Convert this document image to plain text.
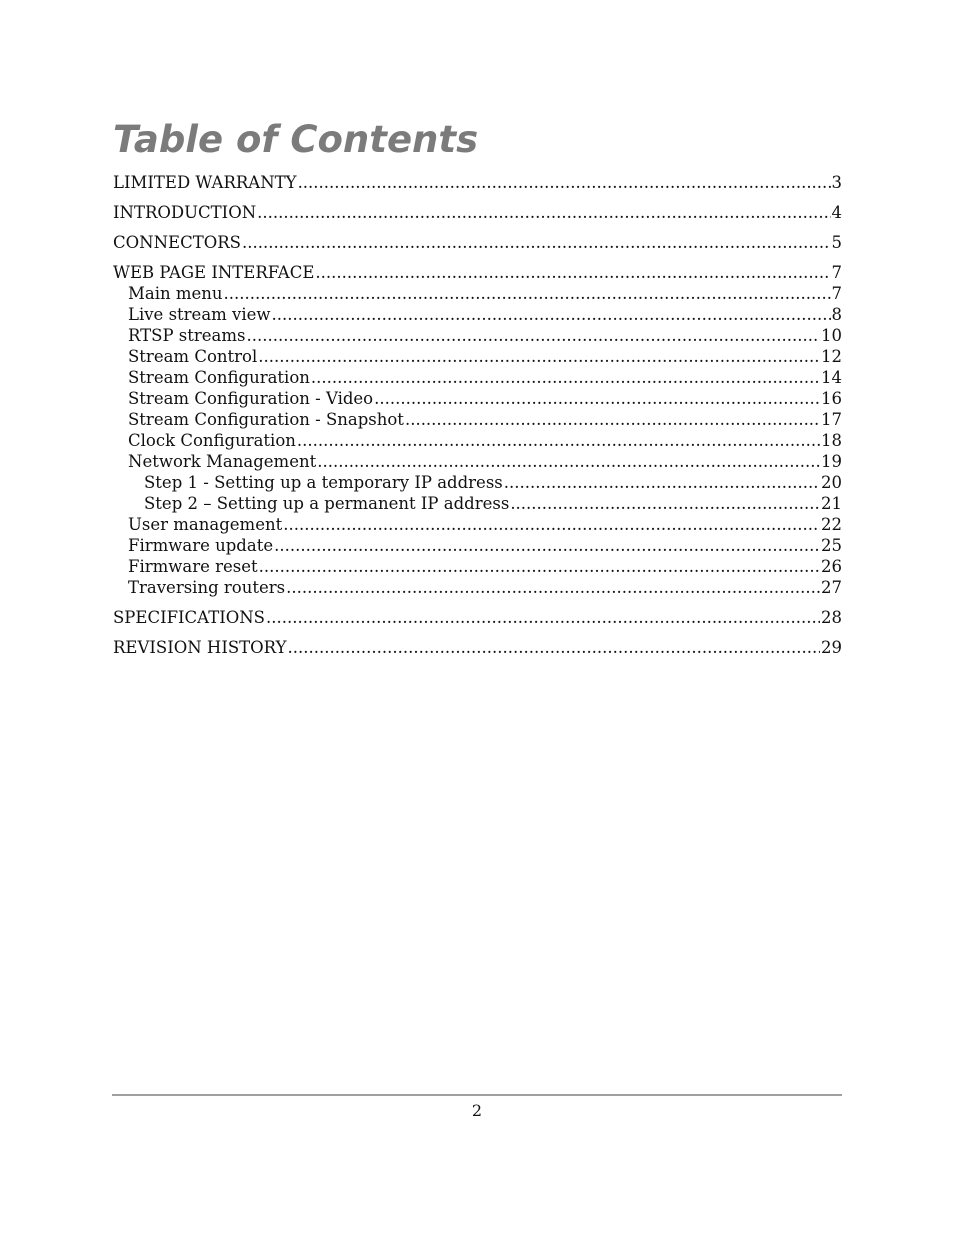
Table of Contents
LIMITED WARRANTY .....	3
INTRODUCTION .....	4
CONNECTORS .....	5
WEB PAGE INTERFACE .....	7
Main menu .....	7
Live stream view .....	8
RTSP streams .....	10
Stream Control .....	12
Stream Configuration .....	14
Stream Configuration - Video .....	16
Stream Configuration - Snapshot .....	17
Clock Configuration .....	18
Network Management .....	19
Step 1 - Setting up a temporary IP address .....	20
Step 2 – Setting up a permanent IP address .....	21
User management .....	22
Firmware update .....	25
Firmware reset .....	26
Traversing routers .....	27
SPECIFICATIONS .....	28
REVISION HISTORY .....	29
2
